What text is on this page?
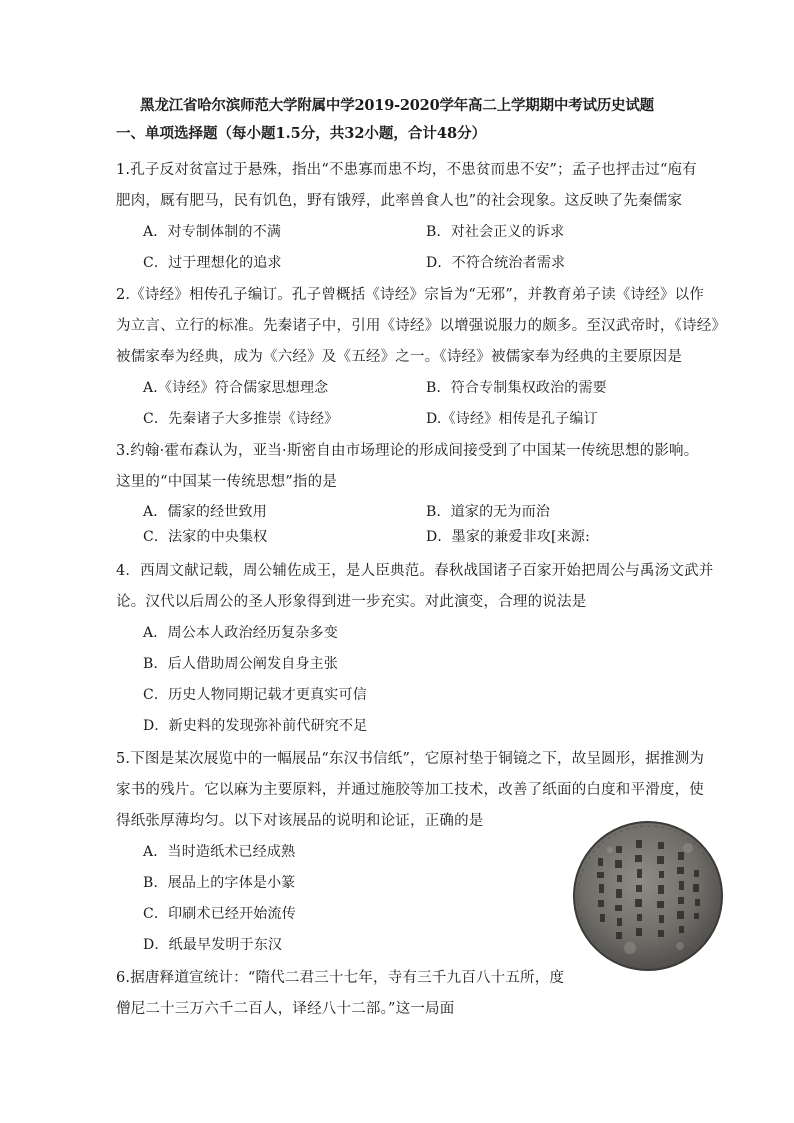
黑龙江省哈尔滨师范大学附属中学2019-2020学年高二上学期期中考试历史试题
一、单项选择题（每小题1.5分，共32小题，合计48分）
1.孔子反对贫富过于悬殊，指出“不患寡而患不均，不患贫而患不安”；孟子也抨击过“庖有
肥肉，厩有肥马，民有饥色，野有饿殍，此率兽食人也”的社会现象。这反映了先秦儒家
A．对专制体制的不满	B．对社会正义的诉求
C．过于理想化的追求	D．不符合统治者需求
2.《诗经》相传孔子编订。孔子曾概括《诗经》宗旨为“无邪”，并教育弟子读《诗经》以作
为立言、立行的标准。先秦诸子中，引用《诗经》以增强说服力的颇多。至汉武帝时，《诗经》
被儒家奉为经典，成为《六经》及《五经》之一。《诗经》被儒家奉为经典的主要原因是
A.《诗经》符合儒家思想理念	B．符合专制集权政治的需要
C．先秦诸子大多推崇《诗经》	D.《诗经》相传是孔子编订
3.约翰·霍布森认为，亚当·斯密自由市场理论的形成间接受到了中国某一传统思想的影响。
这里的“中国某一传统思想”指的是
A．儒家的经世致用	B．道家的无为而治
C．法家的中央集权	D．墨家的兼爱非攻[来源:
4．西周文献记载，周公辅佐成王，是人臣典范。春秋战国诸子百家开始把周公与禹汤文武并
论。汉代以后周公的圣人形象得到进一步充实。对此演变，合理的说法是
A．周公本人政治经历复杂多变
B．后人借助周公阐发自身主张
C．历史人物同期记载才更真实可信
D．新史料的发现弥补前代研究不足
5.下图是某次展览中的一幅展品“东汉书信纸”，它原衬垫于铜镜之下，故呈圆形，据推测为
家书的残片。它以麻为主要原料，并通过施胶等加工技术，改善了纸面的白度和平滑度，使
得纸张厚薄均匀。以下对该展品的说明和论证，正确的是
A．当时造纸术已经成熟
B．展品上的字体是小篆
C．印刷术已经开始流传
D．纸最早发明于东汉
6.据唐释道宣统计：“隋代二君三十七年，寺有三千九百八十五所，度
僧尼二十三万六千二百人，译经八十二部。”这一局面
